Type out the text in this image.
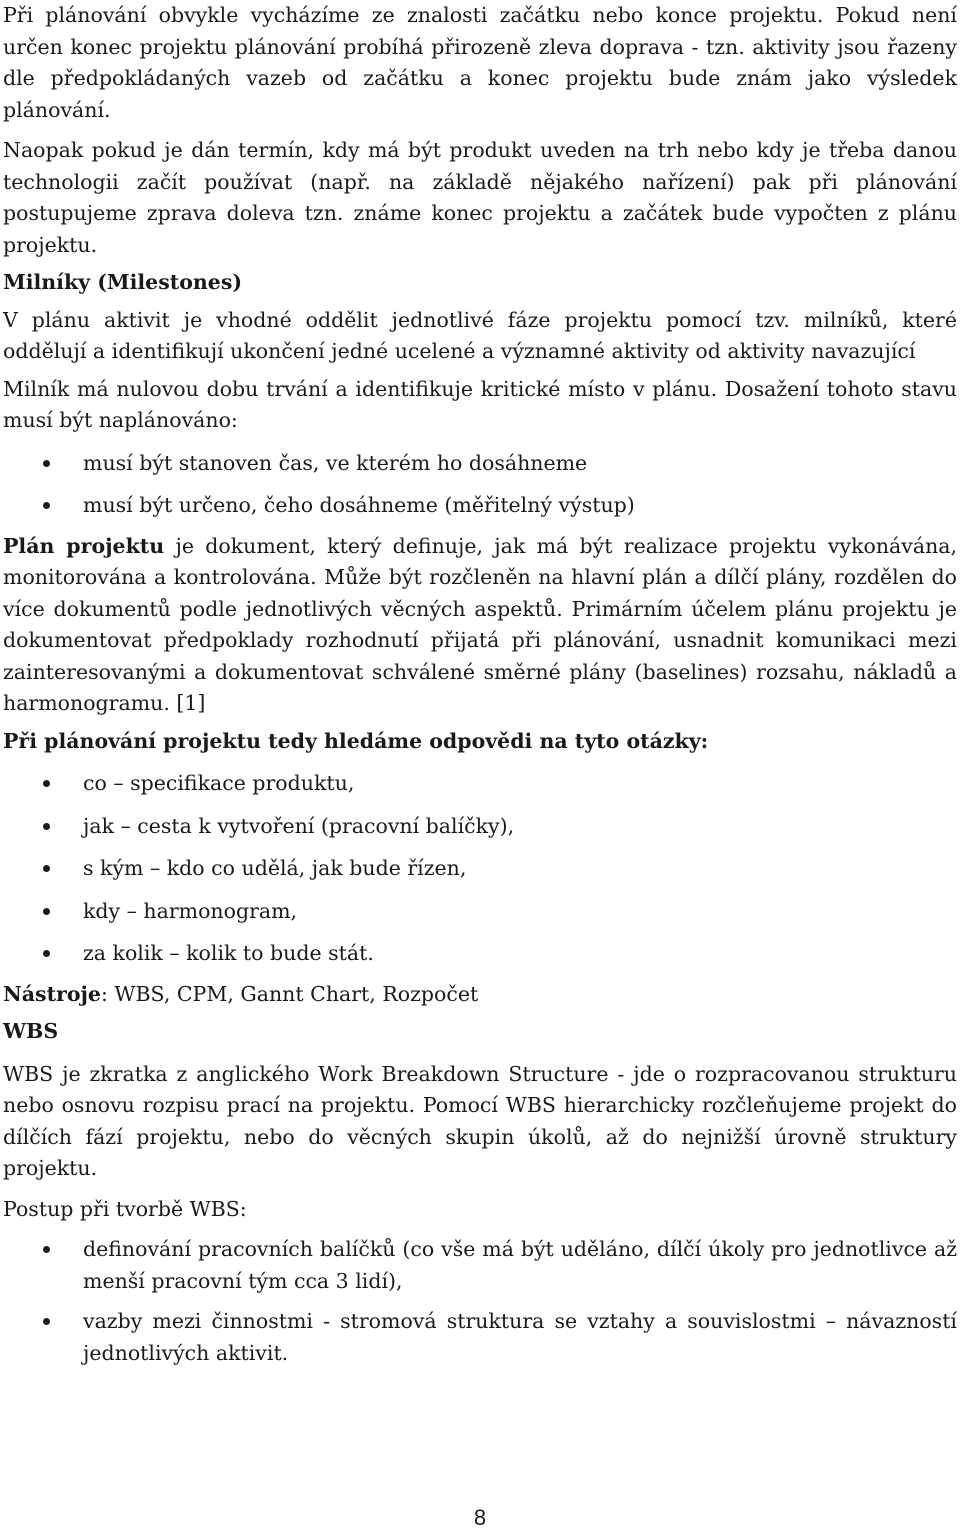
Při plánování obvykle vycházíme ze znalosti začátku nebo konce projektu. Pokud není určen konec projektu plánování probíhá přirozeně zleva doprava - tzn. aktivity jsou řazeny dle předpokládaných vazeb od začátku a konec projektu bude znám jako výsledek plánování.

Naopak pokud je dán termín, kdy má být produkt uveden na trh nebo kdy je třeba danou technologii začít používat (např. na základě nějakého nařízení) pak při plánování postupujeme zprava doleva tzn. známe konec projektu a začátek bude vypočten z plánu projektu.

Milníky (Milestones)

V plánu aktivit je vhodné oddělit jednotlivé fáze projektu pomocí tzv. milníků, které oddělují a identifikují ukončení jedné ucelené a významné aktivity od aktivity navazující

Milník má nulovou dobu trvání a identifikuje kritické místo v plánu. Dosažení tohoto stavu musí být naplánováno:

musí být stanoven čas, ve kterém ho dosáhneme
musí být určeno, čeho dosáhneme (měřitelný výstup)

Plán projektu je dokument, který definuje, jak má být realizace projektu vykonávána, monitorována a kontrolována. Může být rozčleněn na hlavní plán a dílčí plány, rozdělen do více dokumentů podle jednotlivých věcných aspektů. Primárním účelem plánu projektu je dokumentovat předpoklady rozhodnutí přijatá při plánování, usnadnit komunikaci mezi zainteresovanými a dokumentovat schválené směrné plány (baselines) rozsahu, nákladů a harmonogramu. [1]

Při plánování projektu tedy hledáme odpovědi na tyto otázky:

co – specifikace produktu,
jak – cesta k vytvoření (pracovní balíčky),
s kým – kdo co udělá, jak bude řízen,
kdy – harmonogram,
za kolik – kolik to bude stát.

Nástroje: WBS, CPM, Gannt Chart, Rozpočet

WBS

WBS je zkratka z anglického Work Breakdown Structure - jde o rozpracovanou strukturu nebo osnovu rozpisu prací na projektu. Pomocí WBS hierarchicky rozčleňujeme projekt do dílčích fází projektu, nebo do věcných skupin úkolů, až do nejnižší úrovně struktury projektu.

Postup při tvorbě WBS:

definování pracovních balíčků (co vše má být uděláno, dílčí úkoly pro jednotlivce až menší pracovní tým cca 3 lidí),
vazby mezi činnostmi - stromová struktura se vztahy a souvislostmi – návazností jednotlivých aktivit.
8
